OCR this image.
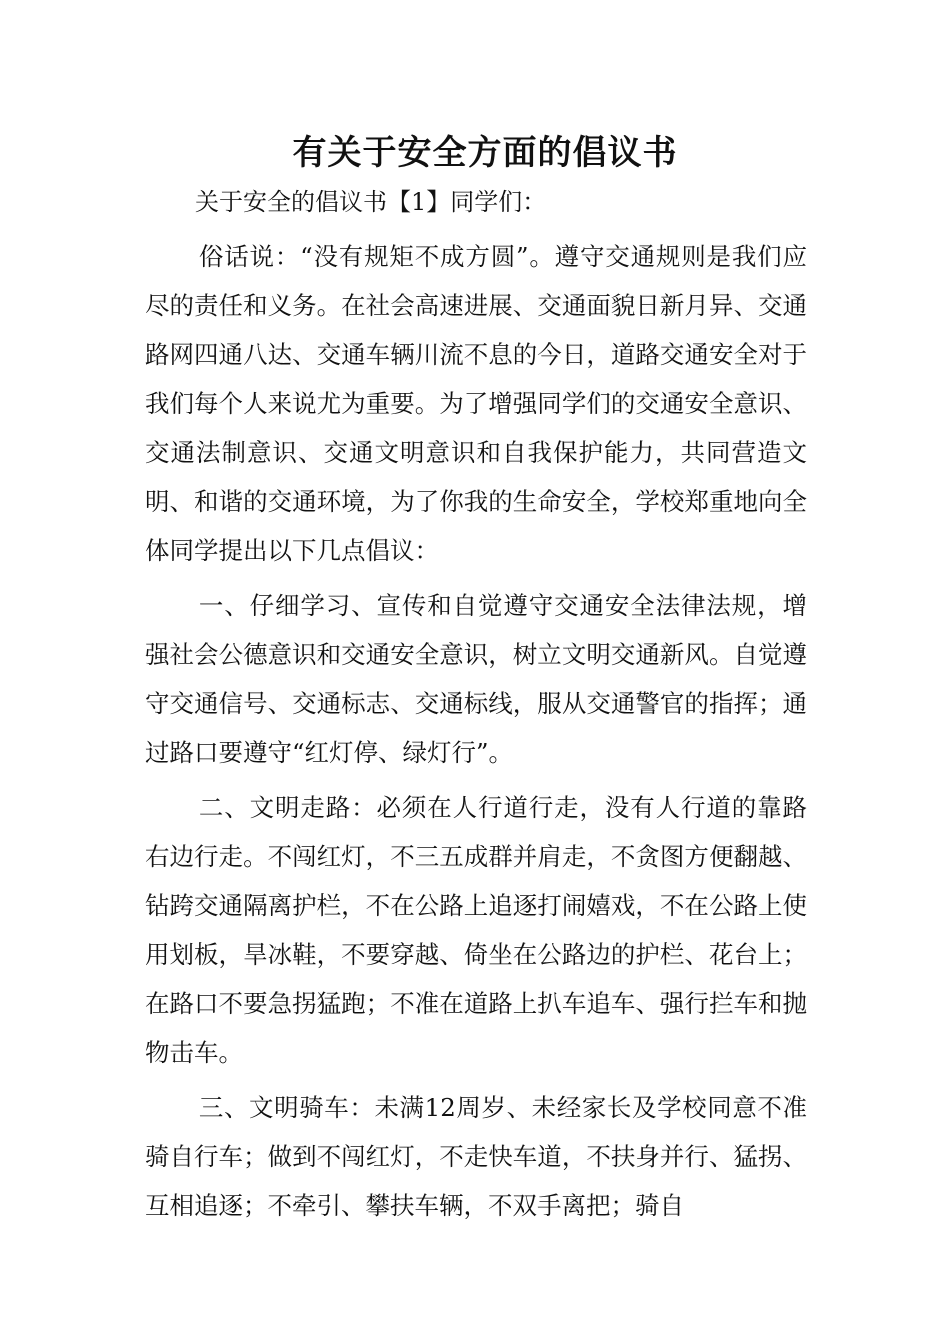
有关于安全方面的倡议书

关于安全的倡议书【1】同学们：

俗话说：“没有规矩不成方圆”。遵守交通规则是我们应尽的责任和义务。在社会高速进展、交通面貌日新月异、交通路网四通八达、交通车辆川流不息的今日，道路交通安全对于我们每个人来说尤为重要。为了增强同学们的交通安全意识、交通法制意识、交通文明意识和自我保护能力，共同营造文明、和谐的交通环境，为了你我的生命安全，学校郑重地向全体同学提出以下几点倡议：

一、仔细学习、宣传和自觉遵守交通安全法律法规，增强社会公德意识和交通安全意识，树立文明交通新风。自觉遵守交通信号、交通标志、交通标线，服从交通警官的指挥；通过路口要遵守“红灯停、绿灯行”。

二、文明走路：必须在人行道行走，没有人行道的靠路右边行走。不闯红灯，不三五成群并肩走，不贪图方便翻越、钻跨交通隔离护栏，不在公路上追逐打闹嬉戏，不在公路上使用划板，旱冰鞋，不要穿越、倚坐在公路边的护栏、花台上；在路口不要急拐猛跑；不准在道路上扒车追车、强行拦车和抛物击车。

三、文明骑车：未满12周岁、未经家长及学校同意不准骑自行车；做到不闯红灯，不走快车道，不扶身并行、猛拐、互相追逐；不牵引、攀扶车辆，不双手离把；骑自
